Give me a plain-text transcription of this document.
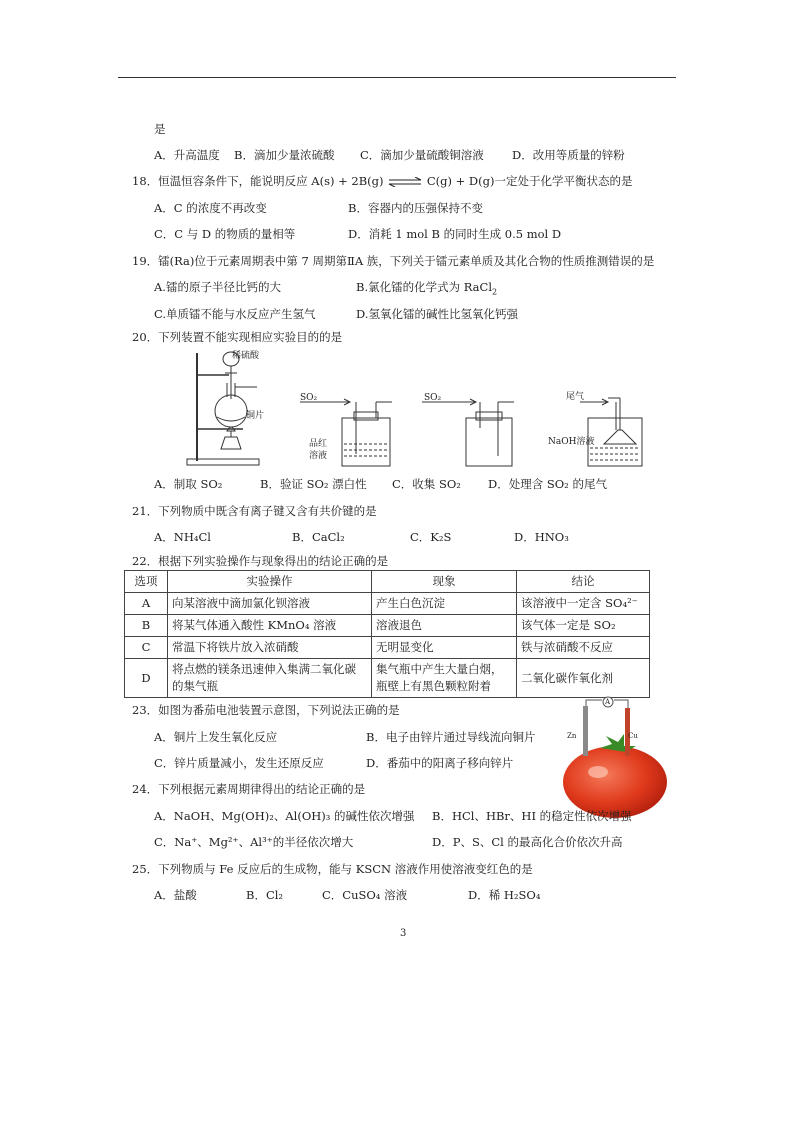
是
A．升高温度 B．滴加少量浓硫酸 C．滴加少量硫酸铜溶液 D．改用等质量的锌粉
18．恒温恒容条件下，能说明反应 A(s) + 2B(g) ⇌ C(g) + D(g)一定处于化学平衡状态的是
A．C 的浓度不再改变	B．容器内的压强保持不变
C．C 与 D 的物质的量相等	D．消耗 1 mol B 的同时生成 0.5 mol D
19．镭(Ra)位于元素周期表中第 7 周期第ⅡA 族，下列关于镭元素单质及其化合物的性质推测错误的是
A.镭的原子半径比钙的大	B.氯化镭的化学式为 RaCl$_2$
C.单质镭不能与水反应产生氢气	D.氢氧化镭的碱性比氢氧化钙强
20．下列装置不能实现相应实验目的的是
稀硫酸
铜片
SO₂
品红
溶液
SO₂	尾气
NaOH溶液
A．制取 SO₂	B．验证 SO₂ 漂白性 C．收集 SO₂ D．处理含 SO₂ 的尾气
21．下列物质中既含有离子键又含有共价键的是
A．NH₄Cl	B．CaCl₂	C．K₂S	D．HNO₃
22．根据下列实验操作与现象得出的结论正确的是
选项	实验操作	现象	结论
A	向某溶液中滴加氯化钡溶液	产生白色沉淀	该溶液中一定含 SO₄²⁻
B	将某气体通入酸性 KMnO₄ 溶液	溶液退色	该气体一定是 SO₂
C	常温下将铁片放入浓硝酸	无明显变化	铁与浓硝酸不反应
D	将点燃的镁条迅速伸入集满二氧化碳的集气瓶	集气瓶中产生大量白烟，瓶壁上有黑色颗粒附着	二氧化碳作氧化剂
23．如图为番茄电池装置示意图，下列说法正确的是
A．铜片上发生氧化反应	B．电子由锌片通过导线流向铜片
C．锌片质量减小，发生还原反应	D．番茄中的阳离子移向锌片
Zn	Cu
A
24．下列根据元素周期律得出的结论正确的是
A．NaOH、Mg(OH)₂、Al(OH)₃ 的碱性依次增强 B．HCl、HBr、HI 的稳定性依次增强
C．Na⁺、Mg²⁺、Al³⁺的半径依次增大	D．P、S、Cl 的最高化合价依次升高
25．下列物质与 Fe 反应后的生成物，能与 KSCN 溶液作用使溶液变红色的是
A．盐酸	B．Cl₂	C．CuSO₄ 溶液	D．稀 H₂SO₄
3
